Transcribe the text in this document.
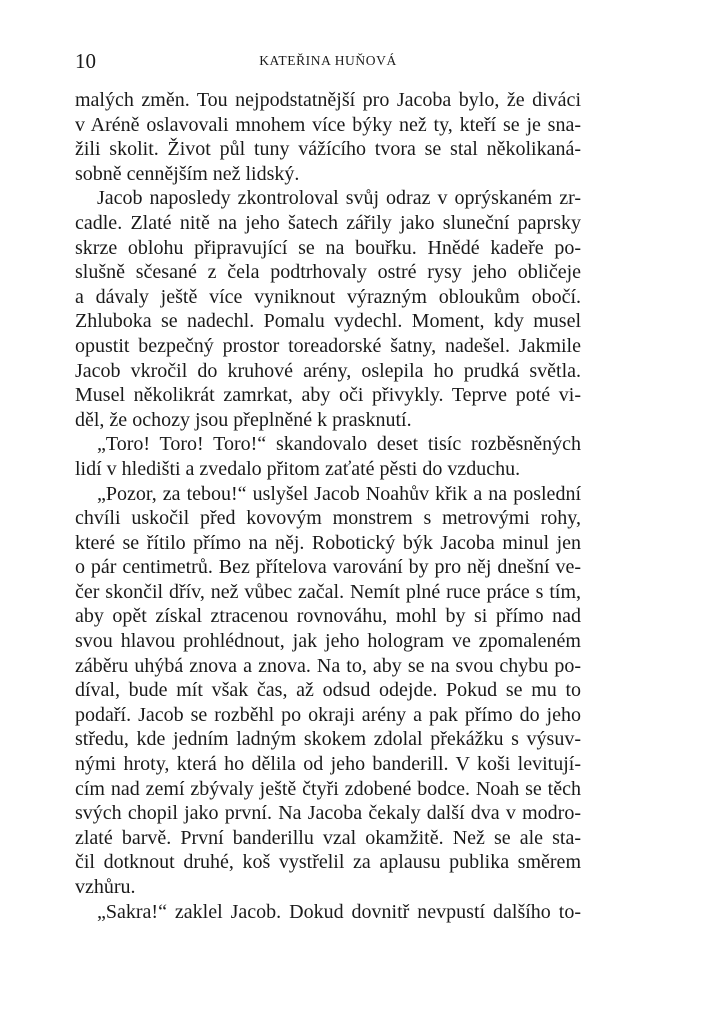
10	KATEŘINA HUŇOVÁ
malých změn. Tou nejpodstatnější pro Jacoba bylo, že diváci
v Aréně oslavovali mnohem více býky než ty, kteří se je sna-
žili skolit. Život půl tuny vážícího tvora se stal několikaná-
sobně cennějším než lidský.
Jacob naposledy zkontroloval svůj odraz v oprýskaném zr-
cadle. Zlaté nitě na jeho šatech zářily jako sluneční paprsky
skrze oblohu připravující se na bouřku. Hnědé kadeře po-
slušně sčesané z čela podtrhovaly ostré rysy jeho obličeje
a dávaly ještě více vyniknout výrazným obloukům obočí.
Zhluboka se nadechl. Pomalu vydechl. Moment, kdy musel
opustit bezpečný prostor toreadorské šatny, nadešel. Jakmile
Jacob vkročil do kruhové arény, oslepila ho prudká světla.
Musel několikrát zamrkat, aby oči přivykly. Teprve poté vi-
děl, že ochozy jsou přeplněné k prasknutí.
„Toro! Toro! Toro!“ skandovalo deset tisíc rozběsněných
lidí v hledišti a zvedalo přitom zaťaté pěsti do vzduchu.
„Pozor, za tebou!“ uslyšel Jacob Noahův křik a na poslední
chvíli uskočil před kovovým monstrem s metrovými rohy,
které se řítilo přímo na něj. Robotický býk Jacoba minul jen
o pár centimetrů. Bez přítelova varování by pro něj dnešní ve-
čer skončil dřív, než vůbec začal. Nemít plné ruce práce s tím,
aby opět získal ztracenou rovnováhu, mohl by si přímo nad
svou hlavou prohlédnout, jak jeho hologram ve zpomaleném
záběru uhýbá znova a znova. Na to, aby se na svou chybu po-
díval, bude mít však čas, až odsud odejde. Pokud se mu to
podaří. Jacob se rozběhl po okraji arény a pak přímo do jeho
středu, kde jedním ladným skokem zdolal překážku s výsuv-
nými hroty, která ho dělila od jeho banderill. V koši levitují-
cím nad zemí zbývaly ještě čtyři zdobené bodce. Noah se těch
svých chopil jako první. Na Jacoba čekaly další dva v modro-
zlaté barvě. První banderillu vzal okamžitě. Než se ale sta-
čil dotknout druhé, koš vystřelil za aplausu publika směrem
vzhůru.
„Sakra!“ zaklel Jacob. Dokud dovnitř nevpustí dalšího to-
